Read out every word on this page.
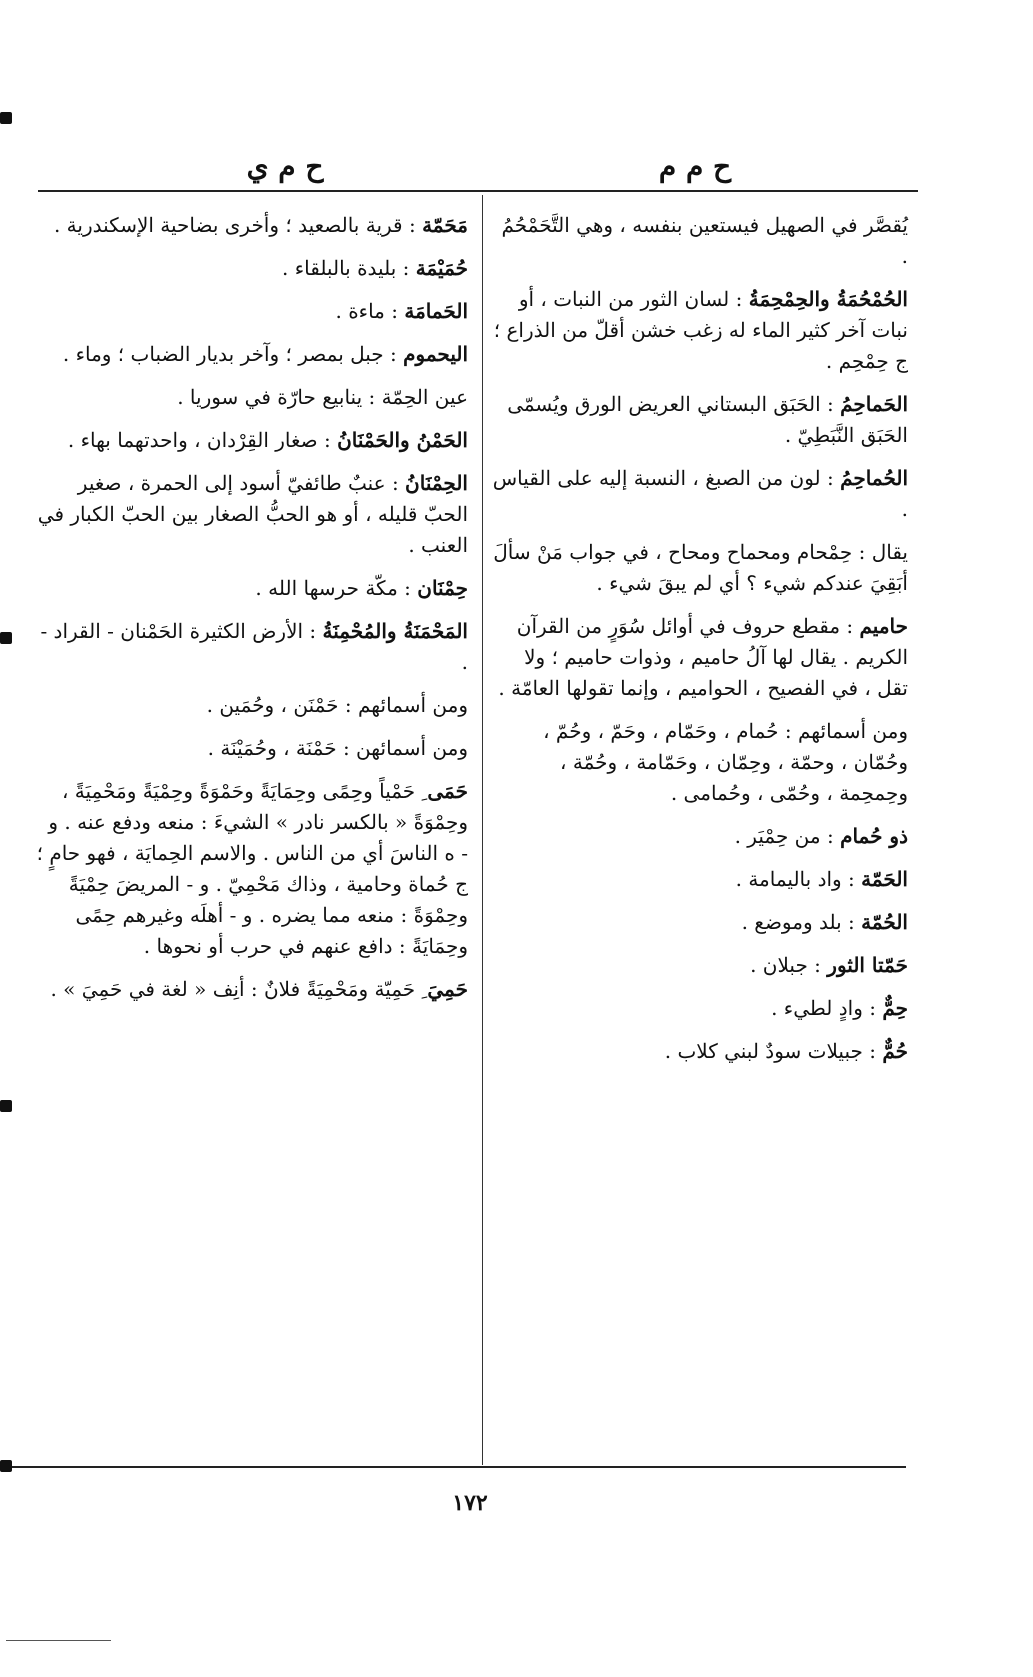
ح م م
ح م ي
يُقصَّر في الصهيل فيستعين بنفسه ، وهي التَّحَمْحُمُ .
الحُمْحُمَةُ والحِمْحِمَةُ : لسان الثور من النبات ، أو نبات آخر كثير الماء له زغب خشن أقلّ من الذراع ؛ ج حِمْحِم .
الحَماحِمُ : الحَبَق البستاني العريض الورق ويُسمّى الحَبَق النَّبَطِيّ .
الحُماحِمُ : لون من الصبغ ، النسبة إليه على القياس .
يقال : حِمْحام ومحماح ومحاح ، في جواب مَنْ سألَ أبَقِيَ عندكم شيء ؟ أي لم يبقَ شيء .
حاميم : مقطع حروف في أوائل سُوَرٍ من القرآن الكريم . يقال لها آلُ حاميم ، وذوات حاميم ؛ ولا تقل ، في الفصيح ، الحواميم ، وإنما تقولها العامّة .
ومن أسمائهم : حُمام ، وحَمّام ، وحَمّ ، وحُمّ ، وحُمّان ، وحمّة ، وحِمّان ، وحَمّامة ، وحُمّة ، وحِمحِمة ، وحُمّى ، وحُمامى .
ذو حُمام : من حِمْيَر .
الحَمّة : واد باليمامة .
الحُمّة : بلد وموضع .
حَمّتا الثور : جبلان .
حِمٌّ : وادٍ لطيء .
حُمٌّ : جبيلات سودٌ لبني كلاب .
مَحَمّة : قرية بالصعيد ؛ وأخرى بضاحية الإسكندرية .
حُمَيْمَة : بليدة بالبلقاء .
الحَمامَة : ماءة .
اليحموم : جبل بمصر ؛ وآخر بديار الضباب ؛ وماء .
عين الحِمّة : ينابيع حارّة في سوريا .
الحَمْنُ والحَمْنَانُ : صغار القِرْدان ، واحدتهما بهاء .
الحِمْنَانُ : عنبٌ طائفيّ أسود إلى الحمرة ، صغير الحبّ قليله ، أو هو الحبُّ الصغار بين الحبّ الكبار في العنب .
حِمْنَان : مكّة حرسها الله .
المَحْمَنَةُ والمُحْمِنَةُ : الأرض الكثيرة الحَمْنان - القراد - .
ومن أسمائهم : حَمْنَن ، وحُمَين .
ومن أسمائهن : حَمْنَة ، وحُمَيْنَة .
حَمَى ِ حَمْياً وحِمًى وحِمَايَةً وحَمْوَةً وحِمْيَةً ومَحْمِيَةً ، وحِمْوَةً « بالكسر نادر » الشيءَ : منعه ودفع عنه . و - ه الناسَ أي من الناس . والاسم الحِمايَة ، فهو حامٍ ؛ ج حُماة وحامية ، وذاك مَحْمِيّ . و - المريضَ حِمْيَةً وحِمْوَةً : منعه مما يضره . و - أهلَه وغيرهم حِمًى وحِمَايَةً : دافع عنهم في حرب أو نحوها .
حَمِيَ ِ حَمِيّة ومَحْمِيَةً فلانٌ : أنِف « لغة في حَمِيَ » .
١٧٢
